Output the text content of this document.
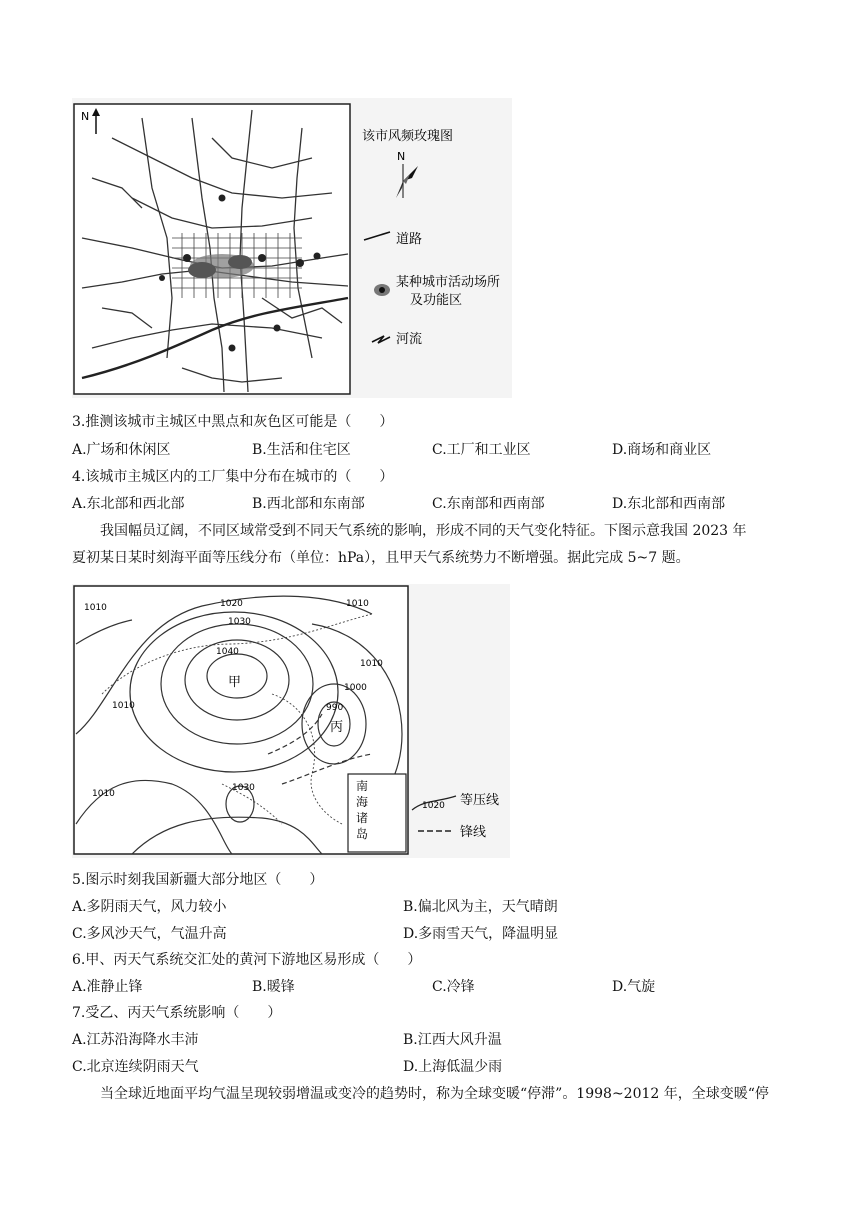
N
该市风频玫瑰图
N
道路
某种城市活动场所
及功能区
河流
3.推测该城市主城区中黑点和灰色区可能是（　　）
A.广场和休闲区	B.生活和住宅区	C.工厂和工业区	D.商场和商业区
4.该城市主城区内的工厂集中分布在城市的（　　）
A.东北部和西北部	B.西北部和东南部	C.东南部和西南部	D.东北部和西南部
我国幅员辽阔，不同区域常受到不同天气系统的影响，形成不同的天气变化特征。下图示意我国 2023 年
夏初某日某时刻海平面等压线分布（单位：hPa），且甲天气系统势力不断增强。据此完成 5~7 题。
甲
丙
1010	1020
1030
1040
1010
1010
1010
1000
990
1030
1010
南
海
诸
岛
1020 等压线
锋线
5.图示时刻我国新疆大部分地区（　　）
A.多阴雨天气，风力较小	B.偏北风为主，天气晴朗
C.多风沙天气，气温升高	D.多雨雪天气，降温明显
6.甲、丙天气系统交汇处的黄河下游地区易形成（　　）
A.准静止锋	B.暖锋	C.冷锋	D.气旋
7.受乙、丙天气系统影响（　　）
A.江苏沿海降水丰沛	B.江西大风升温
C.北京连续阴雨天气	D.上海低温少雨
当全球近地面平均气温呈现较弱增温或变冷的趋势时，称为全球变暖“停滞”。1998~2012 年，全球变暖“停
